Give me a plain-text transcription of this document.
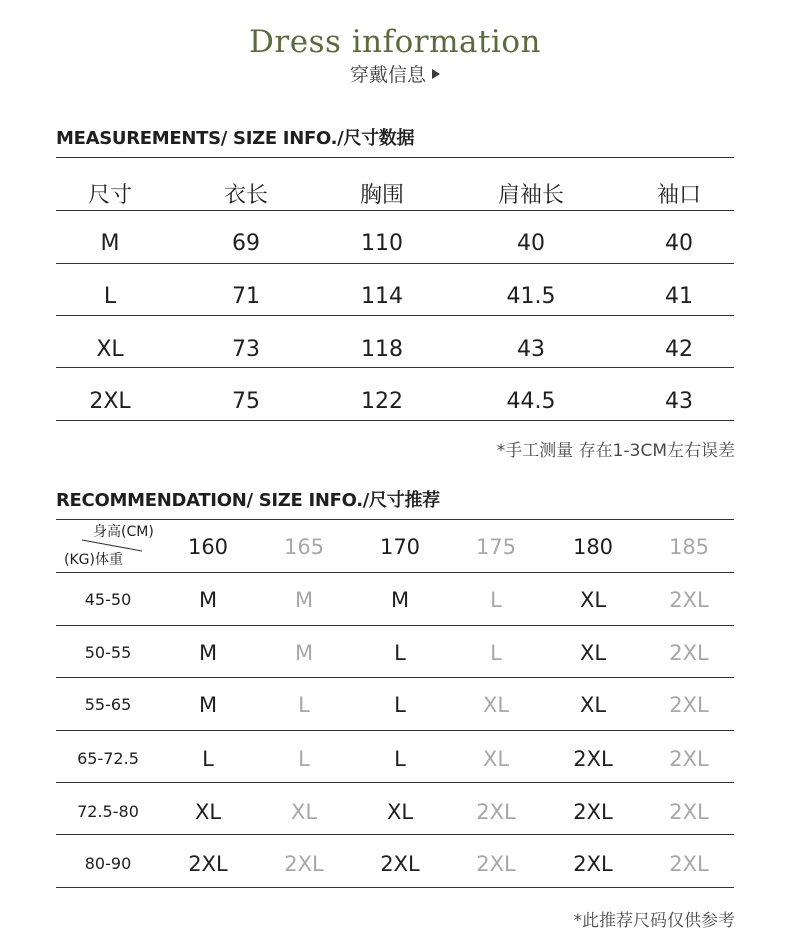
Dress information
穿戴信息
MEASUREMENTS/ SIZE INFO./尺寸数据
尺寸	衣长	胸围	肩袖长	袖口
M	69	110	40	40
L	71	114	41.5	41
XL	73	118	43	42
2XL	75	122	44.5	43
*手工测量 存在1-3CM左右误差
RECOMMENDATION/ SIZE INFO./尺寸推荐
身高(CM)
(KG)体重
160	165	170	175	180	185
45-50	M	M	M	L	XL	2XL
50-55	M	M	L	L	XL	2XL
55-65	M	L	L	XL	XL	2XL
65-72.5	L	L	L	XL	2XL	2XL
72.5-80	XL	XL	XL	2XL	2XL	2XL
80-90	2XL	2XL	2XL	2XL	2XL	2XL
*此推荐尺码仅供参考
